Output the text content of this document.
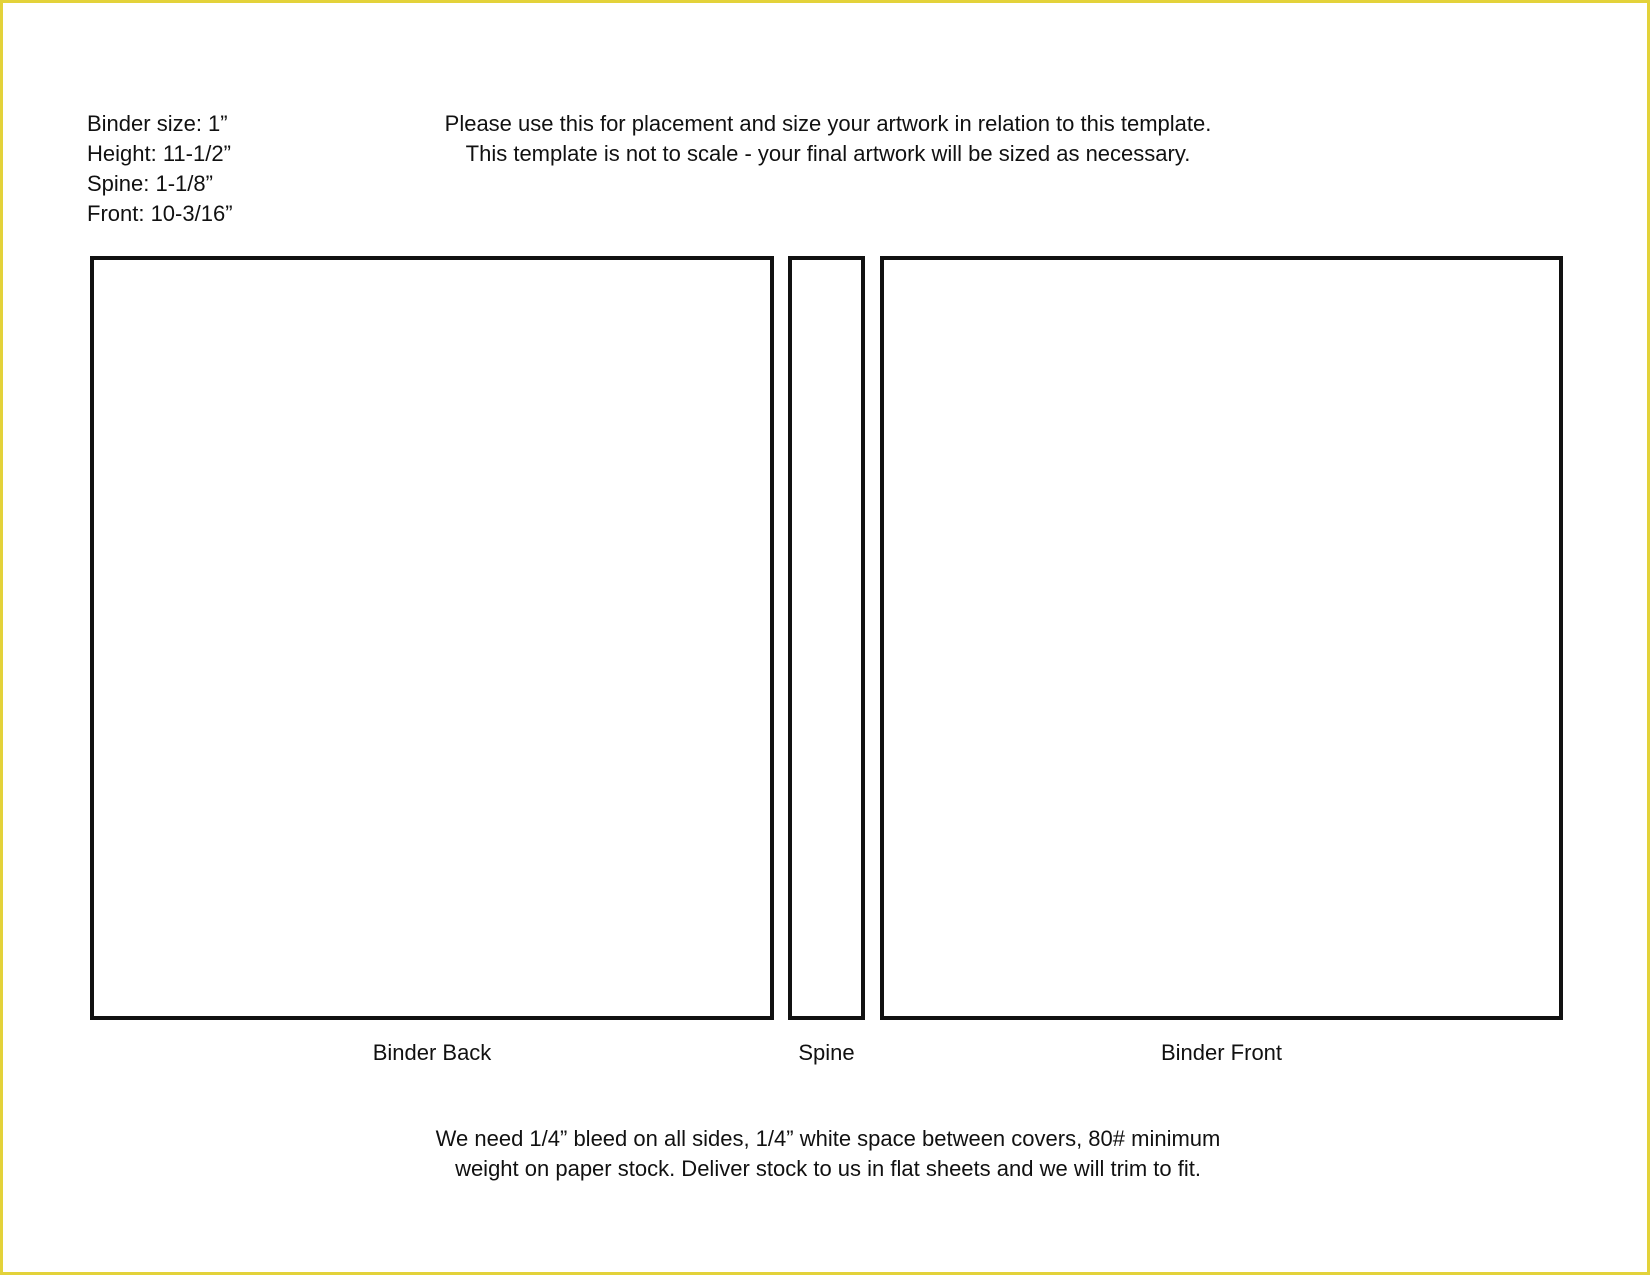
Binder size: 1”
Height: 11-1/2”
Spine: 1-1/8”
Front: 10-3/16”
Please use this for placement and size your artwork in relation to this template.
This template is not to scale - your final artwork will be sized as necessary.
Binder Back	Spine	Binder Front
We need 1/4” bleed on all sides, 1/4” white space between covers, 80# minimum
weight on paper stock. Deliver stock to us in flat sheets and we will trim to fit.
